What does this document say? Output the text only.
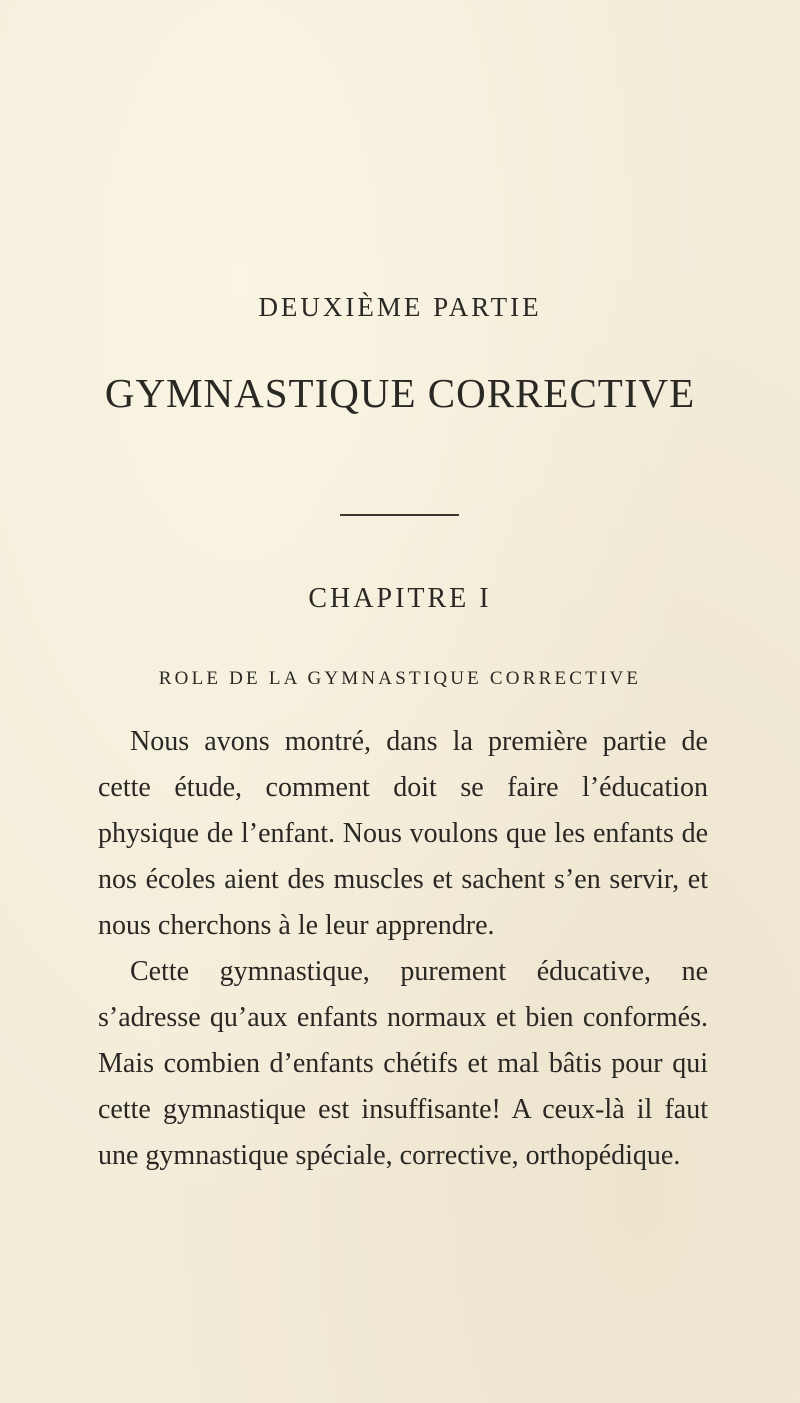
DEUXIÈME PARTIE
GYMNASTIQUE CORRECTIVE
CHAPITRE I
ROLE DE LA GYMNASTIQUE CORRECTIVE

Nous avons montré, dans la première partie de cette étude, comment doit se faire l’éducation physique de l’enfant. Nous voulons que les enfants de nos écoles aient des muscles et sachent s’en servir, et nous cherchons à le leur apprendre.

Cette gymnastique, purement éducative, ne s’adresse qu’aux enfants normaux et bien conformés. Mais combien d’enfants chétifs et mal bâtis pour qui cette gymnastique est insuffisante! A ceux-là il faut une gymnastique spéciale, corrective, orthopédique.
